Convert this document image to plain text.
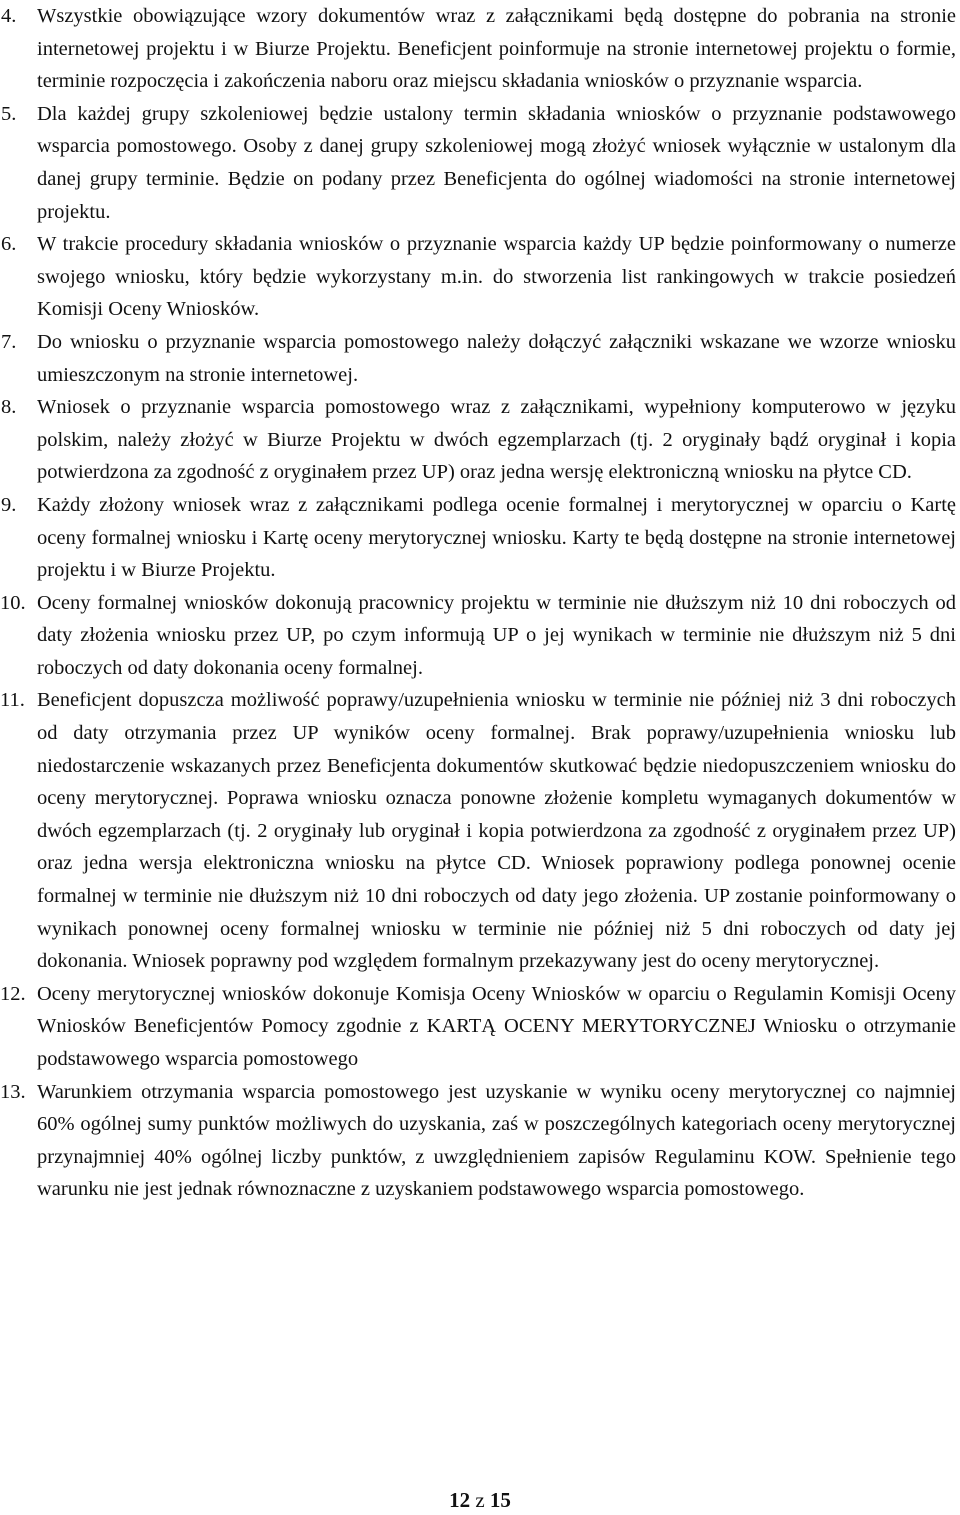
4. Wszystkie obowiązujące wzory dokumentów wraz z załącznikami będą dostępne do pobrania na stronie internetowej projektu i w Biurze Projektu. Beneficjent poinformuje na stronie internetowej projektu o formie, terminie rozpoczęcia i zakończenia naboru oraz miejscu składania wniosków o przyznanie wsparcia.
5. Dla każdej grupy szkoleniowej będzie ustalony termin składania wniosków o przyznanie podstawowego wsparcia pomostowego. Osoby z danej grupy szkoleniowej mogą złożyć wniosek wyłącznie w ustalonym dla danej grupy terminie. Będzie on podany przez Beneficjenta do ogólnej wiadomości na stronie internetowej projektu.
6. W trakcie procedury składania wniosków o przyznanie wsparcia każdy UP będzie poinformowany o numerze swojego wniosku, który będzie wykorzystany m.in. do stworzenia list rankingowych w trakcie posiedzeń Komisji Oceny Wniosków.
7. Do wniosku o przyznanie wsparcia pomostowego należy dołączyć załączniki wskazane we wzorze wniosku umieszczonym na stronie internetowej.
8. Wniosek o przyznanie wsparcia pomostowego wraz z załącznikami, wypełniony komputerowo w języku polskim, należy złożyć w Biurze Projektu w dwóch egzemplarzach (tj. 2 oryginały bądź oryginał i kopia potwierdzona za zgodność z oryginałem przez UP) oraz jedna wersję elektroniczną wniosku na płytce CD.
9. Każdy złożony wniosek wraz z załącznikami podlega ocenie formalnej i merytorycznej w oparciu o Kartę oceny formalnej wniosku i Kartę oceny merytorycznej wniosku. Karty te będą dostępne na stronie internetowej projektu i w Biurze Projektu.
10. Oceny formalnej wniosków dokonują pracownicy projektu w terminie nie dłuższym niż 10 dni roboczych od daty złożenia wniosku przez UP, po czym informują UP o jej wynikach w terminie nie dłuższym niż 5 dni roboczych od daty dokonania oceny formalnej.
11. Beneficjent dopuszcza możliwość poprawy/uzupełnienia wniosku w terminie nie później niż 3 dni roboczych od daty otrzymania przez UP wyników oceny formalnej. Brak poprawy/uzupełnienia wniosku lub niedostarczenie wskazanych przez Beneficjenta dokumentów skutkować będzie niedopuszczeniem wniosku do oceny merytorycznej. Poprawa wniosku oznacza ponowne złożenie kompletu wymaganych dokumentów w dwóch egzemplarzach (tj. 2 oryginały lub oryginał i kopia potwierdzona za zgodność z oryginałem przez UP) oraz jedna wersja elektroniczna wniosku na płytce CD. Wniosek poprawiony podlega ponownej ocenie formalnej w terminie nie dłuższym niż 10 dni roboczych od daty jego złożenia. UP zostanie poinformowany o wynikach ponownej oceny formalnej wniosku w terminie nie później niż 5 dni roboczych od daty jej dokonania. Wniosek poprawny pod względem formalnym przekazywany jest do oceny merytorycznej.
12. Oceny merytorycznej wniosków dokonuje Komisja Oceny Wniosków w oparciu o Regulamin Komisji Oceny Wniosków Beneficjentów Pomocy zgodnie z KARTĄ OCENY MERYTORYCZNEJ Wniosku o otrzymanie podstawowego wsparcia pomostowego
13. Warunkiem otrzymania wsparcia pomostowego jest uzyskanie w wyniku oceny merytorycznej co najmniej 60% ogólnej sumy punktów możliwych do uzyskania, zaś w poszczególnych kategoriach oceny merytorycznej przynajmniej 40% ogólnej liczby punktów, z uwzględnieniem zapisów Regulaminu KOW. Spełnienie tego warunku nie jest jednak równoznaczne z uzyskaniem podstawowego wsparcia pomostowego.
12 z 15
